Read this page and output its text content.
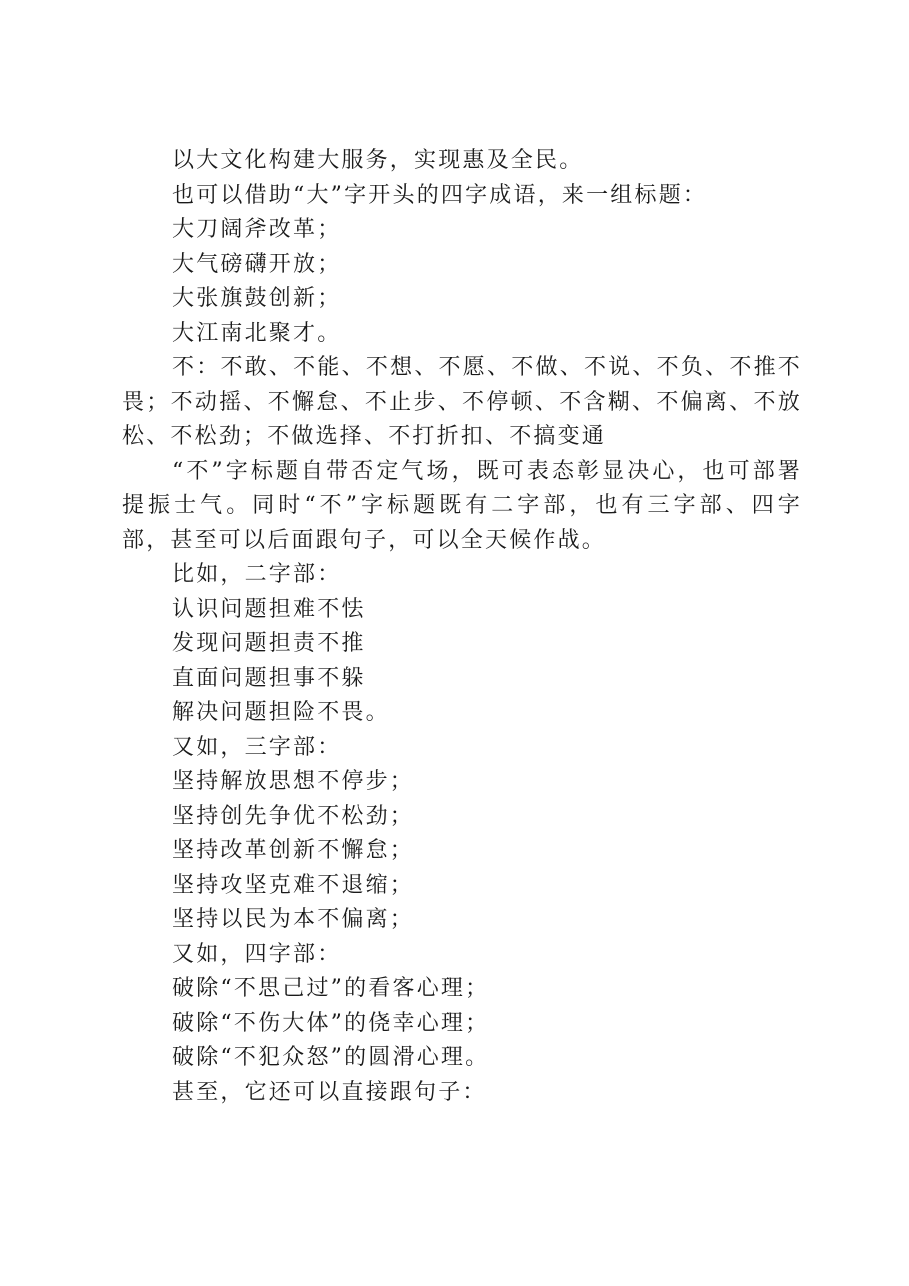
以大文化构建大服务，实现惠及全民。

也可以借助“大”字开头的四字成语，来一组标题：

大刀阔斧改革；

大气磅礴开放；

大张旗鼓创新；

大江南北聚才。

不：不敢、不能、不想、不愿、不做、不说、不负、不推不畏；不动摇、不懈怠、不止步、不停顿、不含糊、不偏离、不放松、不松劲；不做选择、不打折扣、不搞变通

“不”字标题自带否定气场，既可表态彰显决心，也可部署提振士气。同时“不”字标题既有二字部，也有三字部、四字部，甚至可以后面跟句子，可以全天候作战。

比如，二字部：

认识问题担难不怯

发现问题担责不推

直面问题担事不躲

解决问题担险不畏。

又如，三字部：

坚持解放思想不停步；

坚持创先争优不松劲；

坚持改革创新不懈怠；

坚持攻坚克难不退缩；

坚持以民为本不偏离；

又如，四字部：

破除“不思己过”的看客心理；

破除“不伤大体”的侥幸心理；

破除“不犯众怒”的圆滑心理。

甚至，它还可以直接跟句子：
